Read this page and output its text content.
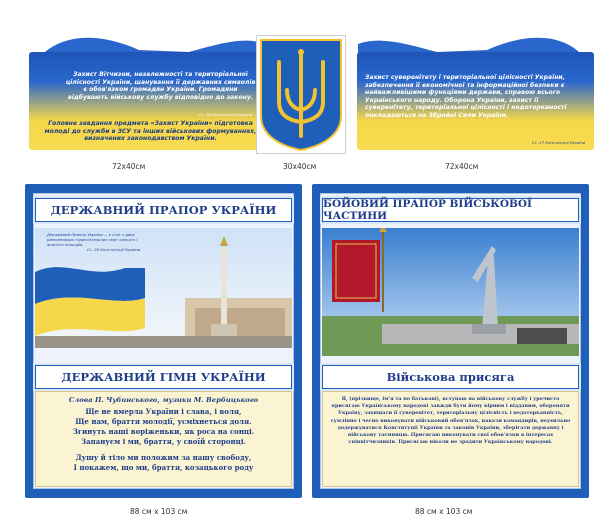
Захист Вітчизни, незалежності та територіальної цілісності України, шанування її державних символів є обов'язком громадян України. Громадяни відбувають військову службу відповідно до закону.
Ст. 65 Конституції України
Головне завдання предмета «Захист України» підготовка молоді до служби в ЗСУ та інших військових формуваннях, визначених законодавством України.
72x40см	30x40см
Захист суверенітету і територіальної цілісності України, забезпечення її економічної та інформаційної безпеки є найважливішими функціями держави, справою всього Українського народу. Оборона України, захист її суверенітету, територіальної цілісності і недоторканості покладаються на Збройні Сили України.
Ст. 17 Конституції України
72x40см
ДЕРЖАВНИЙ ПРАПОР УКРАЇНИ
Державний Прапор України — є стяг з двох рівновеликих горизонтальних смуг синього і жовтого кольорів
Ст. 20 Конституції України
ДЕРЖАВНИЙ ГІМН УКРАЇНИ
Слова П. Чубинського, музики М. Вербицького
Ще не вмерла України і слава, і воля,
Ще нам, браття молодії, усміхнеться доля.
Згинуть наші воріженьки, як роса на сонці.
Запануєм і ми, браття, у своїй сторонці.
Душу й тіло ми положим за нашу свободу,
І покажем, що ми, браття, козацького роду
88 см х 103 см
БОЙОВИЙ ПРАПОР ВІЙСЬКОВОЇ ЧАСТИНИ
Військова присяга
Я, (прізвище, ім'я та по батькові), вступаю на військову службу і урочисто присягаю Українському народові завжди бути йому вірним і відданим, обороняти Україну, захищати її суверенітет, територіальну цілісність і недоторканність, сумлінно і чесно виконувати військовий обов'язок, накази командирів, неухильно додержуватися Конституції України та законів України, зберігати державну і військову таємницю. Присягаю виконувати свої обов'язки в інтересах співвітчизників. Присягаю ніколи не зрадити Українському народові.
88 см х 103 см
